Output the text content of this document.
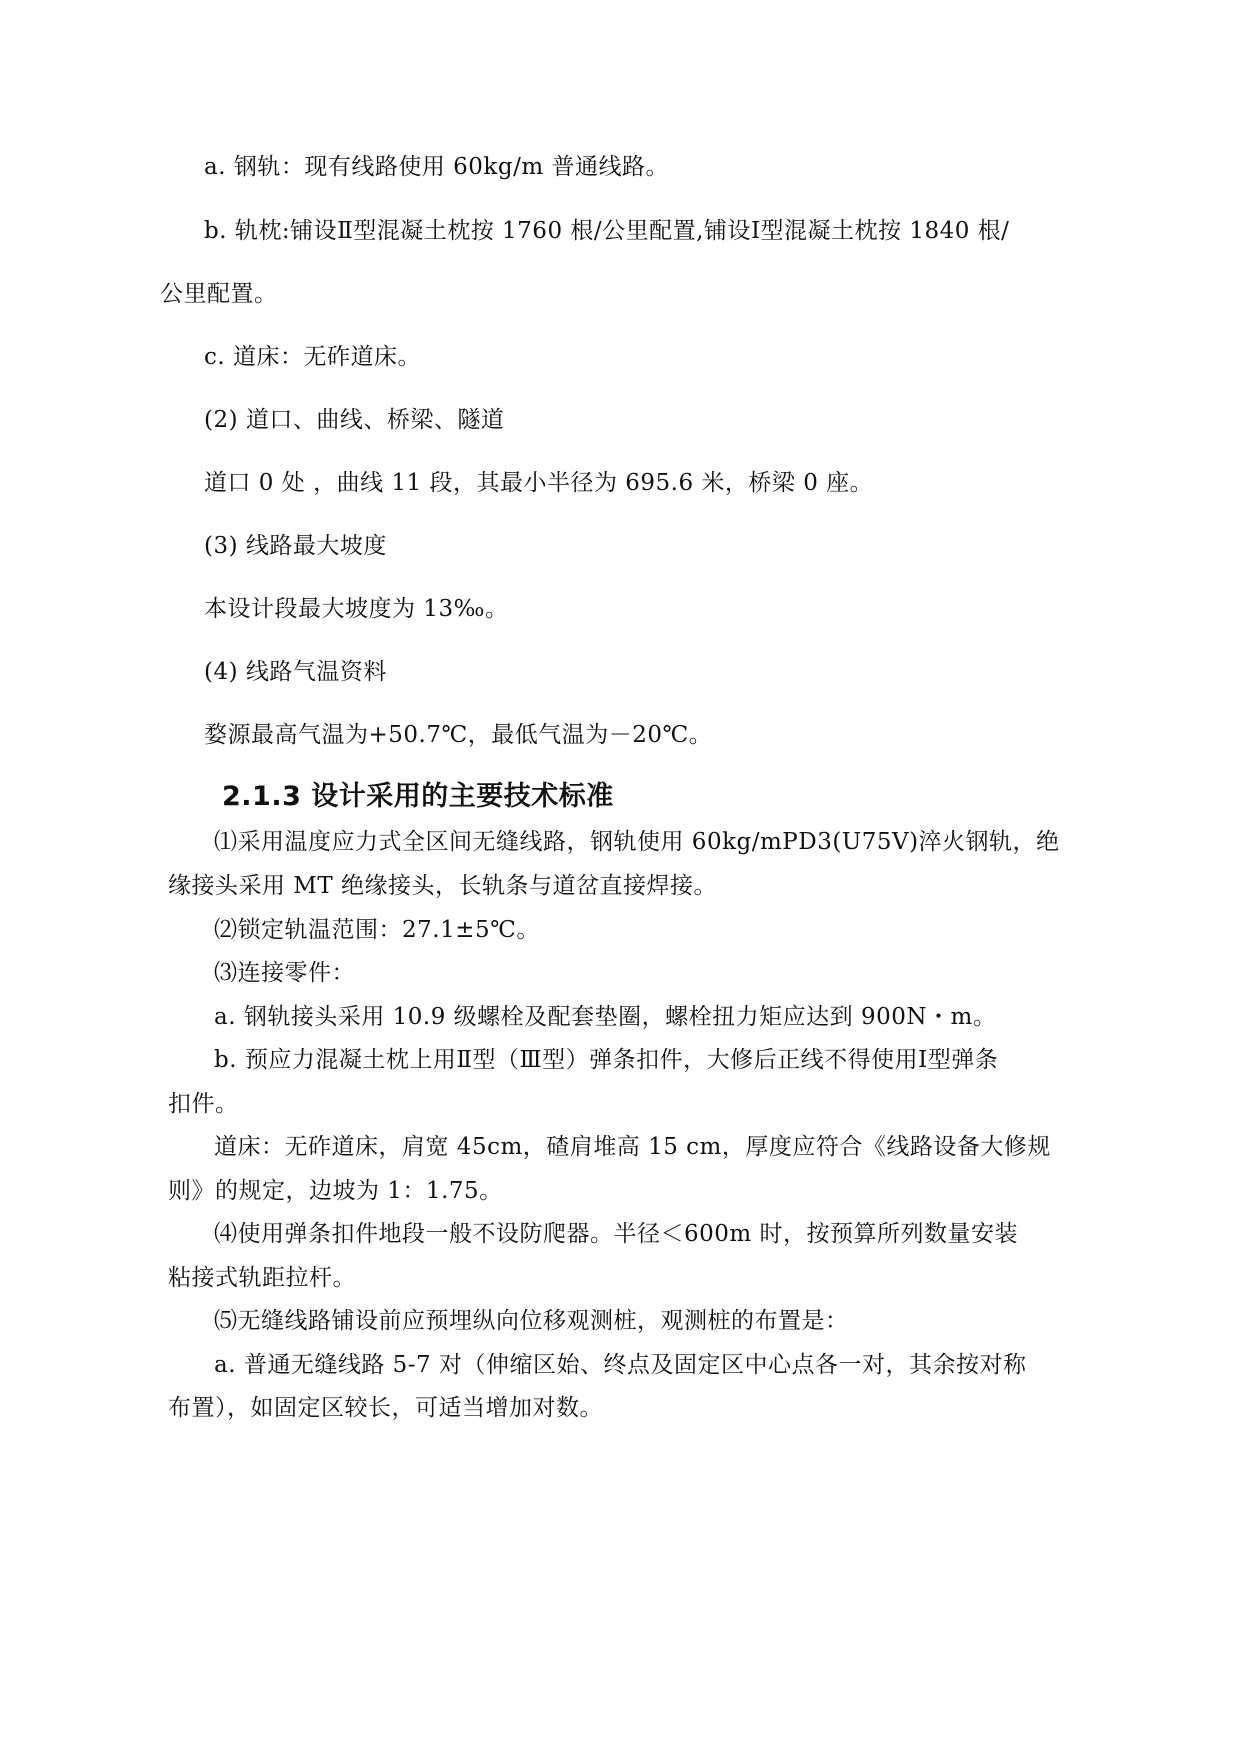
a. 钢轨：现有线路使用 60kg/m 普通线路。

b. 轨枕:铺设Ⅱ型混凝土枕按 1760 根/公里配置,铺设Ⅰ型混凝土枕按 1840 根/

公里配置。

c. 道床：无砟道床。

(2) 道口、曲线、桥梁、隧道

道口 0 处 ，曲线 11 段，其最小半径为 695.6 米，桥梁 0 座。

(3) 线路最大坡度

本设计段最大坡度为 13‰。

(4) 线路气温资料

婺源最高气温为+50.7℃，最低气温为－20℃。

2.1.3 设计采用的主要技术标准

⑴采用温度应力式全区间无缝线路，钢轨使用 60kg/mPD3(U75V)淬火钢轨，绝

缘接头采用 MT 绝缘接头，长轨条与道岔直接焊接。

⑵锁定轨温范围：27.1±5℃。

⑶连接零件：

a. 钢轨接头采用 10.9 级螺栓及配套垫圈，螺栓扭力矩应达到 900N・m。

b. 预应力混凝土枕上用Ⅱ型（Ⅲ型）弹条扣件，大修后正线不得使用Ⅰ型弹条

扣件。

道床：无砟道床，肩宽 45cm，碴肩堆高 15 cm，厚度应符合《线路设备大修规

则》的规定，边坡为 1：1.75。

⑷使用弹条扣件地段一般不设防爬器。半径＜600m 时，按预算所列数量安装

粘接式轨距拉杆。

⑸无缝线路铺设前应预埋纵向位移观测桩，观测桩的布置是：

a. 普通无缝线路 5-7 对（伸缩区始、终点及固定区中心点各一对，其余按对称

布置），如固定区较长，可适当增加对数。
